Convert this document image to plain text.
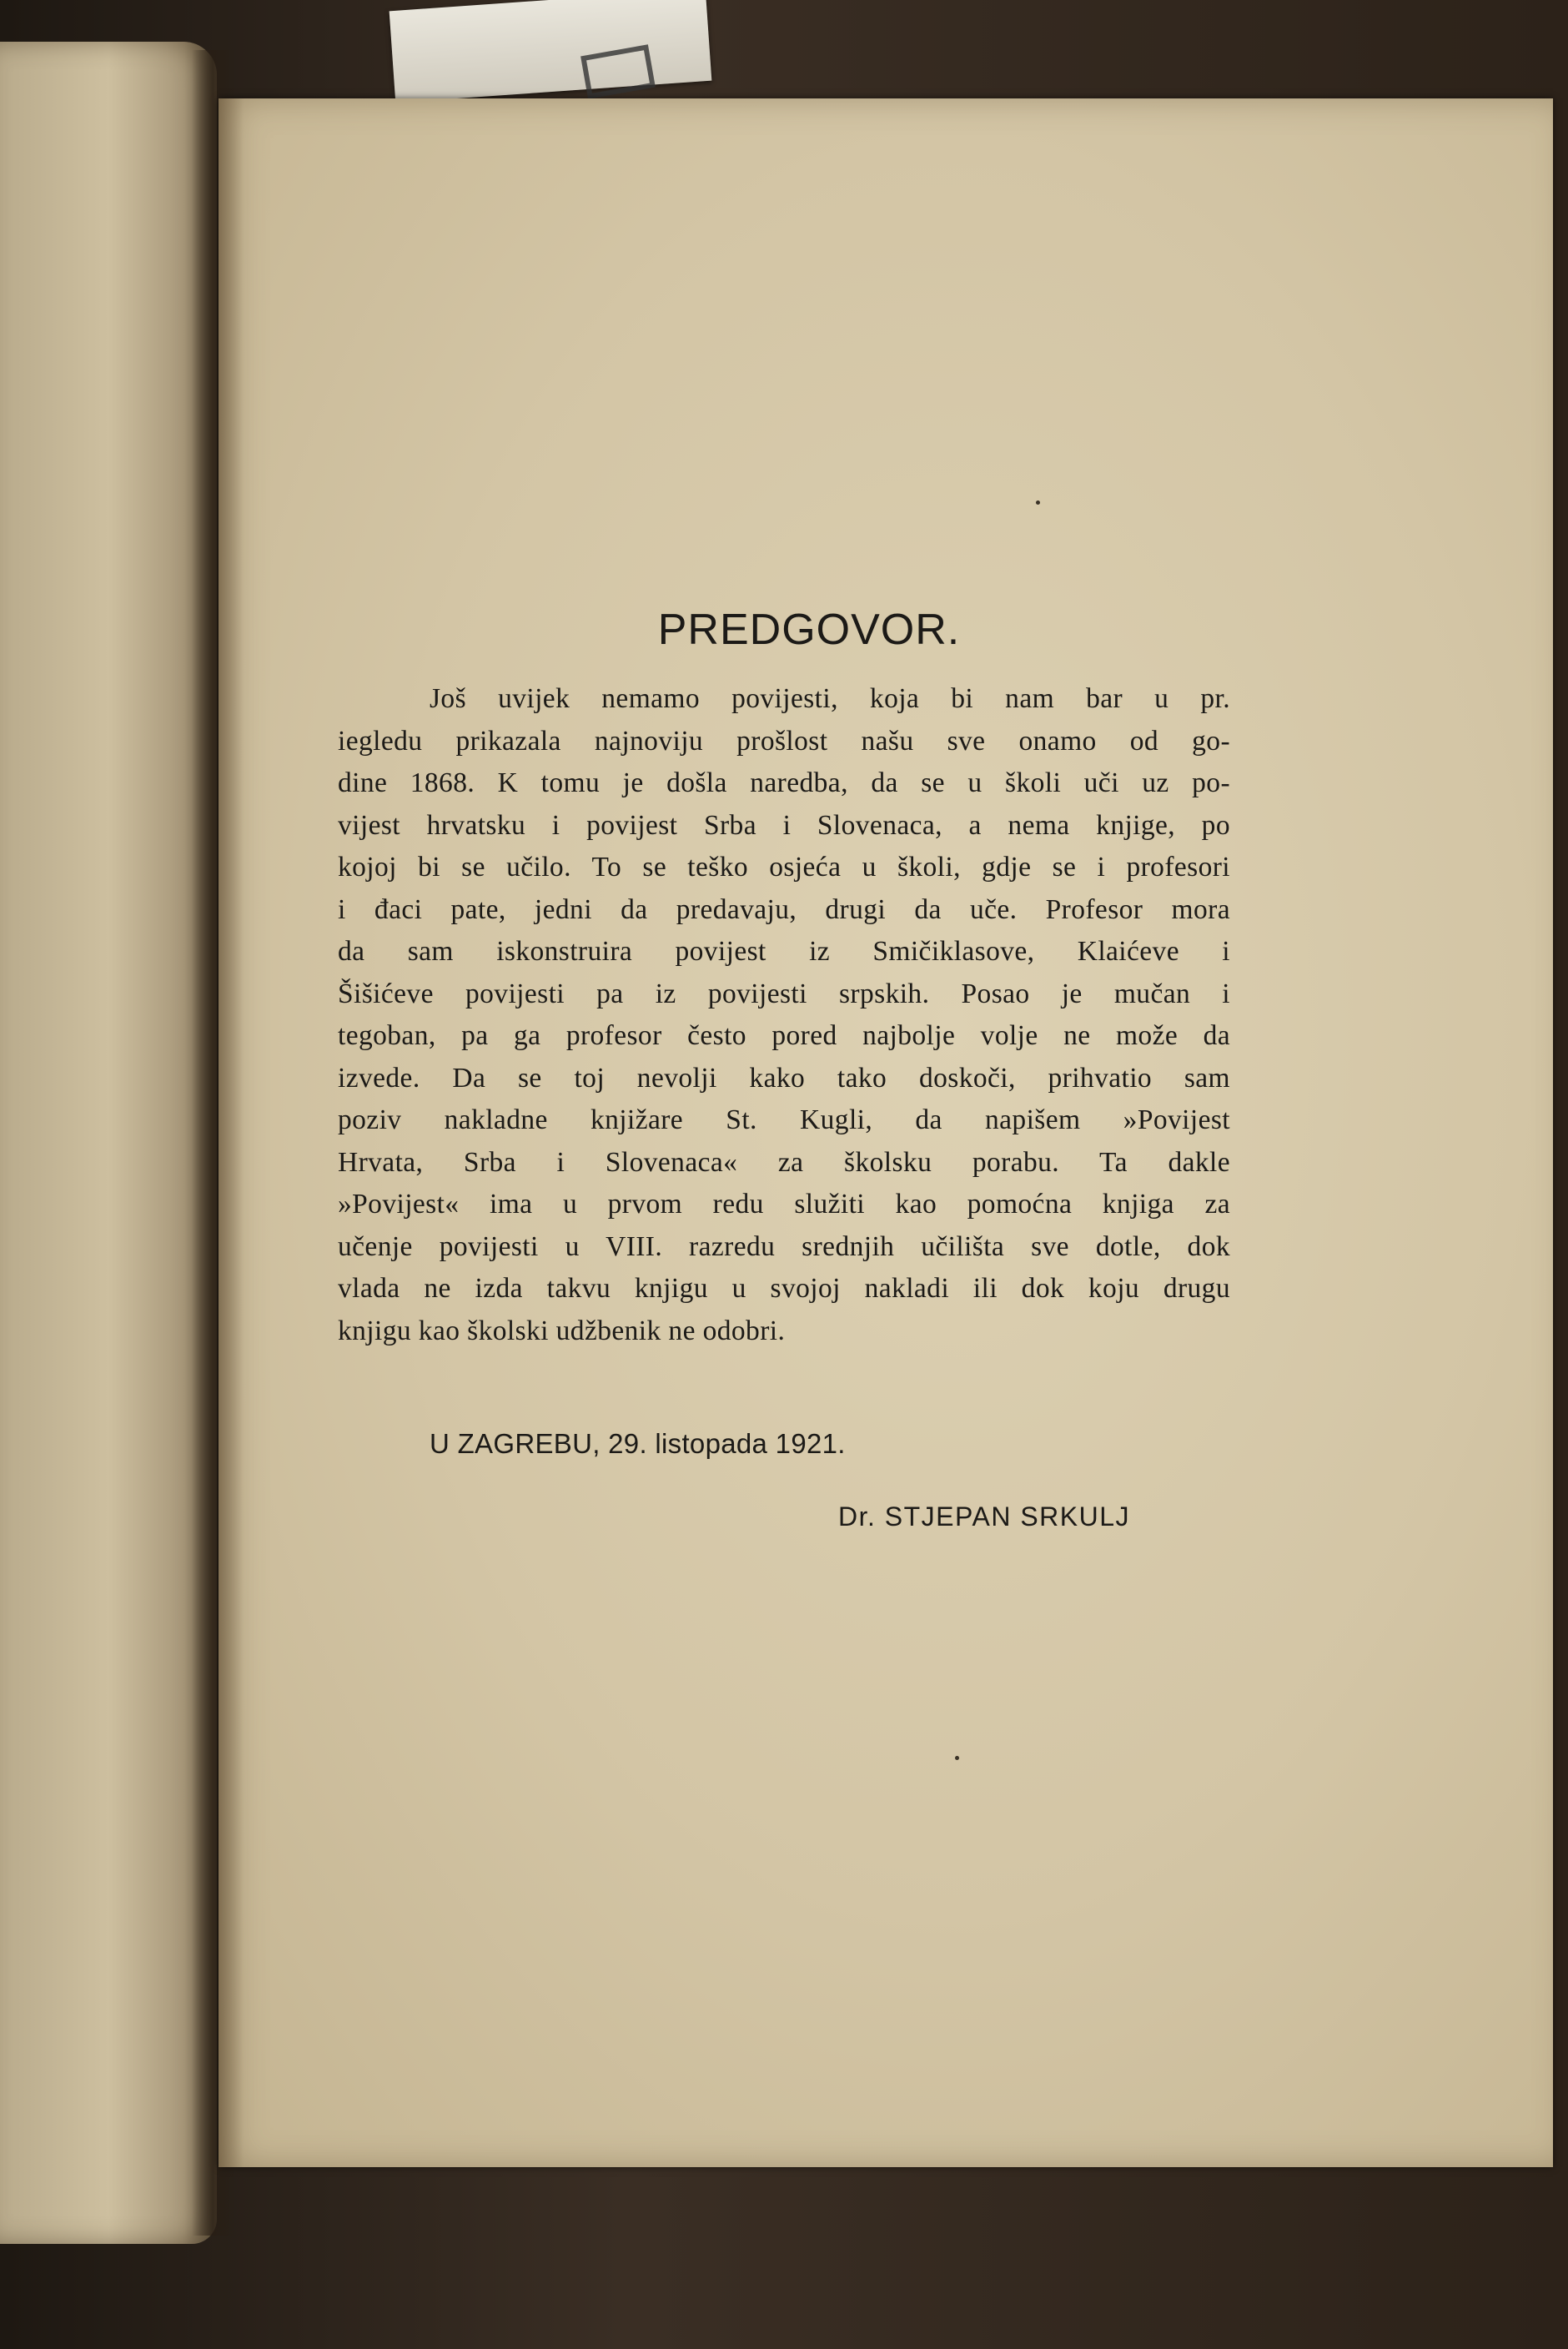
PREDGOVOR.
Još uvijek nemamo povijesti, koja bi nam bar u pr.
iegledu prikazala najnoviju prošlost našu sve onamo od go-
dine 1868. K tomu je došla naredba, da se u školi uči uz po-
vijest hrvatsku i povijest Srba i Slovenaca, a nema knjige, po
kojoj bi se učilo. To se teško osjeća u školi, gdje se i profesori
i đaci pate, jedni da predavaju, drugi da uče. Profesor mora
da sam iskonstruira povijest iz Smičiklasove, Klaićeve i
Šišićeve povijesti pa iz povijesti srpskih. Posao je mučan i
tegoban, pa ga profesor često pored najbolje volje ne može da
izvede. Da se toj nevolji kako tako doskoči, prihvatio sam
poziv nakladne knjižare St. Kugli, da napišem »Povijest
Hrvata, Srba i Slovenaca« za školsku porabu. Ta dakle
»Povijest« ima u prvom redu služiti kao pomoćna knjiga za
učenje povijesti u VIII. razredu srednjih učilišta sve dotle, dok
vlada ne izda takvu knjigu u svojoj nakladi ili dok koju drugu
knjigu kao školski udžbenik ne odobri.
U ZAGREBU, 29. listopada 1921.
Dr. STJEPAN SRKULJ
